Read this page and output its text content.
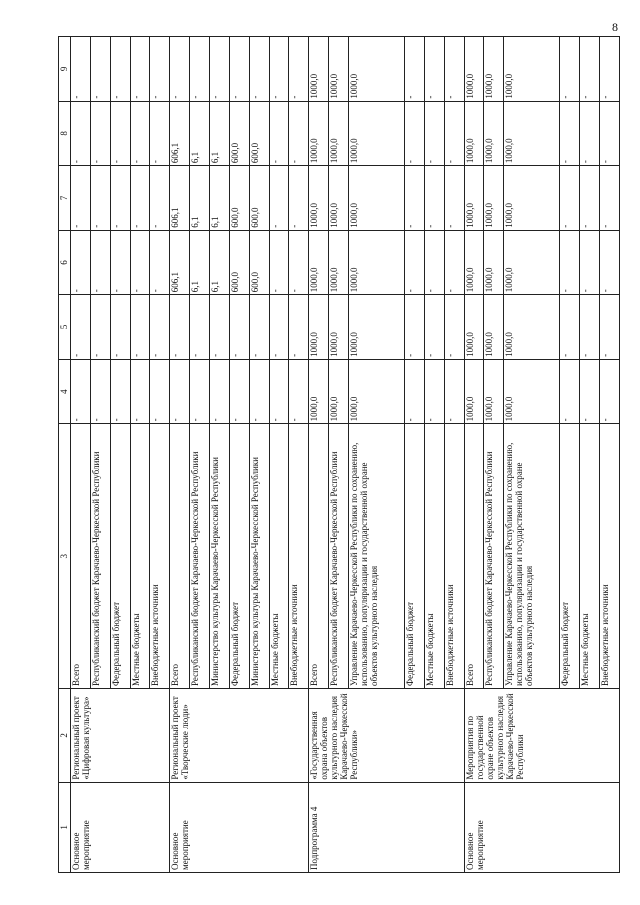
8
1	2	3	4	5	6	7	8	9
Основное мероприятие	Региональный проект «Цифровая культура»	Всего	-	-	-	-	-	-
		Республиканский бюджет Карачаево-Черкесской Республики	-	-	-	-	-	-
		Федеральный бюджет	-	-	-	-	-	-
		Местные бюджеты	-	-	-	-	-	-
		Внебюджетные источники	-	-	-	-	-	-
Основное мероприятие	Региональный проект «Творческие люди»	Всего	-	-	606,1	606,1	606,1	-
		Республиканский бюджет Карачаево-Черкесской Республики	-	-	6,1	6,1	6,1	-
		Министерство культуры Карачаево-Черкесской Республики	-	-	6,1	6,1	6,1	-
		Федеральный бюджет	-	-	600,0	600,0	600,0	-
		Министерство культуры Карачаево-Черкесской Республики	-	-	600,0	600,0	600,0	-
		Местные бюджеты	-	-	-	-	-	-
		Внебюджетные источники	-	-	-	-	-	-
Подпрограмма 4	«Государственная охрана объектов культурного наследия Карачаево-Черкесской Республики»	Всего	1000,0	1000,0	1000,0	1000,0	1000,0	1000,0
		Республиканский бюджет Карачаево-Черкесской Республики	1000,0	1000,0	1000,0	1000,0	1000,0	1000,0
		Управление Карачаево-Черкесской Республики по сохранению, использованию, популяризации и государственной охране объектов культурного наследия	1000,0	1000,0	1000,0	1000,0	1000,0	1000,0
		Федеральный бюджет	-	-	-	-	-	-
		Местные бюджеты	-	-	-	-	-	-
		Внебюджетные источники	-	-	-	-	-	-
Основное мероприятие	Мероприятия по государственной охране объектов культурного наследия Карачаево-Черкесской Республики	Всего	1000,0	1000,0	1000,0	1000,0	1000,0	1000,0
		Республиканский бюджет Карачаево-Черкесской Республики	1000,0	1000,0	1000,0	1000,0	1000,0	1000,0
		Управление Карачаево-Черкесской Республики по сохранению, использованию, популяризации и государственной охране объектов культурного наследия	1000,0	1000,0	1000,0	1000,0	1000,0	1000,0
		Федеральный бюджет	-	-	-	-	-	-
		Местные бюджеты	-	-	-	-	-	-
		Внебюджетные источники	-	-	-	-	-	-
